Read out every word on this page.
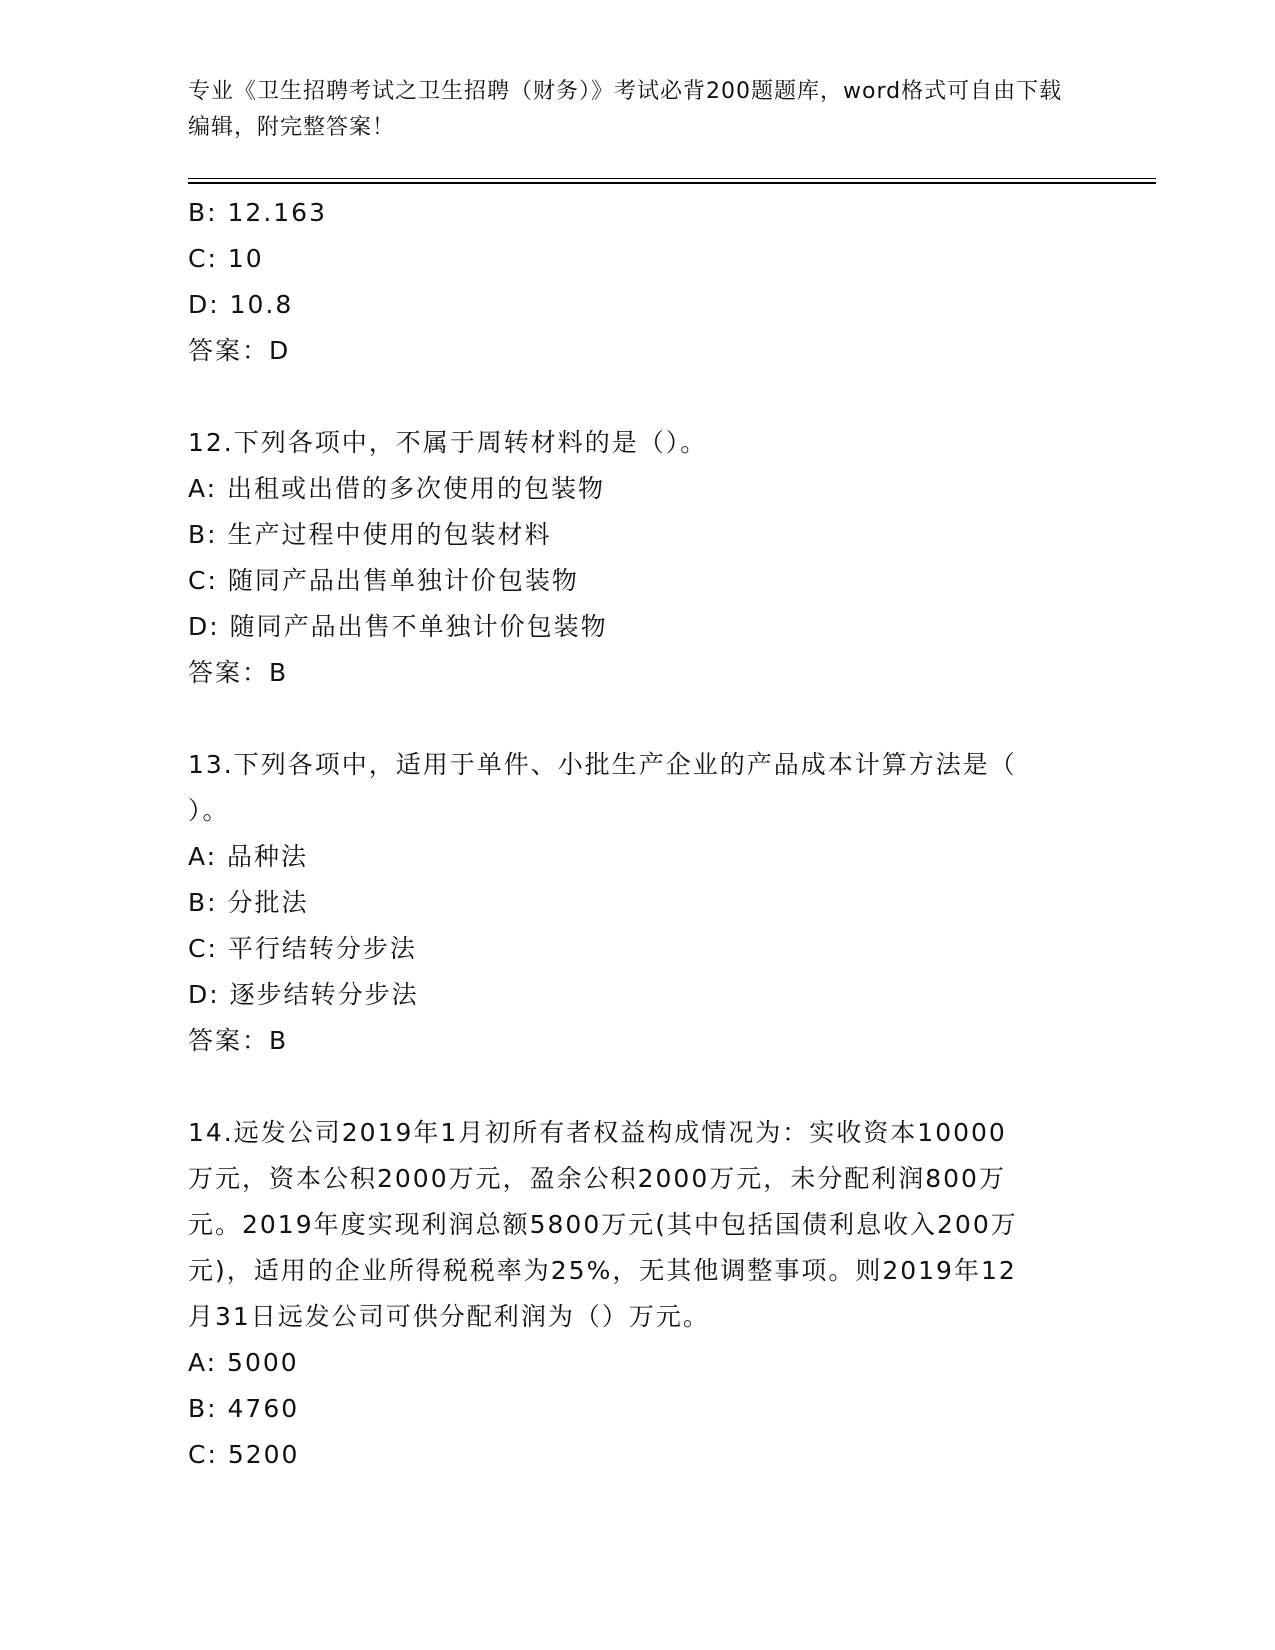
专业《卫生招聘考试之卫生招聘（财务）》考试必背200题题库，word格式可自由下载编辑，附完整答案！
B: 12.163
C: 10
D: 10.8
答案：D
12.下列各项中，不属于周转材料的是（）。
A: 出租或出借的多次使用的包装物
B: 生产过程中使用的包装材料
C: 随同产品出售单独计价包装物
D: 随同产品出售不单独计价包装物
答案：B
13.下列各项中，适用于单件、小批生产企业的产品成本计算方法是（
）。
A: 品种法
B: 分批法
C: 平行结转分步法
D: 逐步结转分步法
答案：B
14.远发公司2019年1月初所有者权益构成情况为：实收资本10000
万元，资本公积2000万元，盈余公积2000万元，未分配利润800万
元。2019年度实现利润总额5800万元(其中包括国债利息收入200万
元)，适用的企业所得税税率为25%，无其他调整事项。则2019年12
月31日远发公司可供分配利润为（）万元。
A: 5000
B: 4760
C: 5200
